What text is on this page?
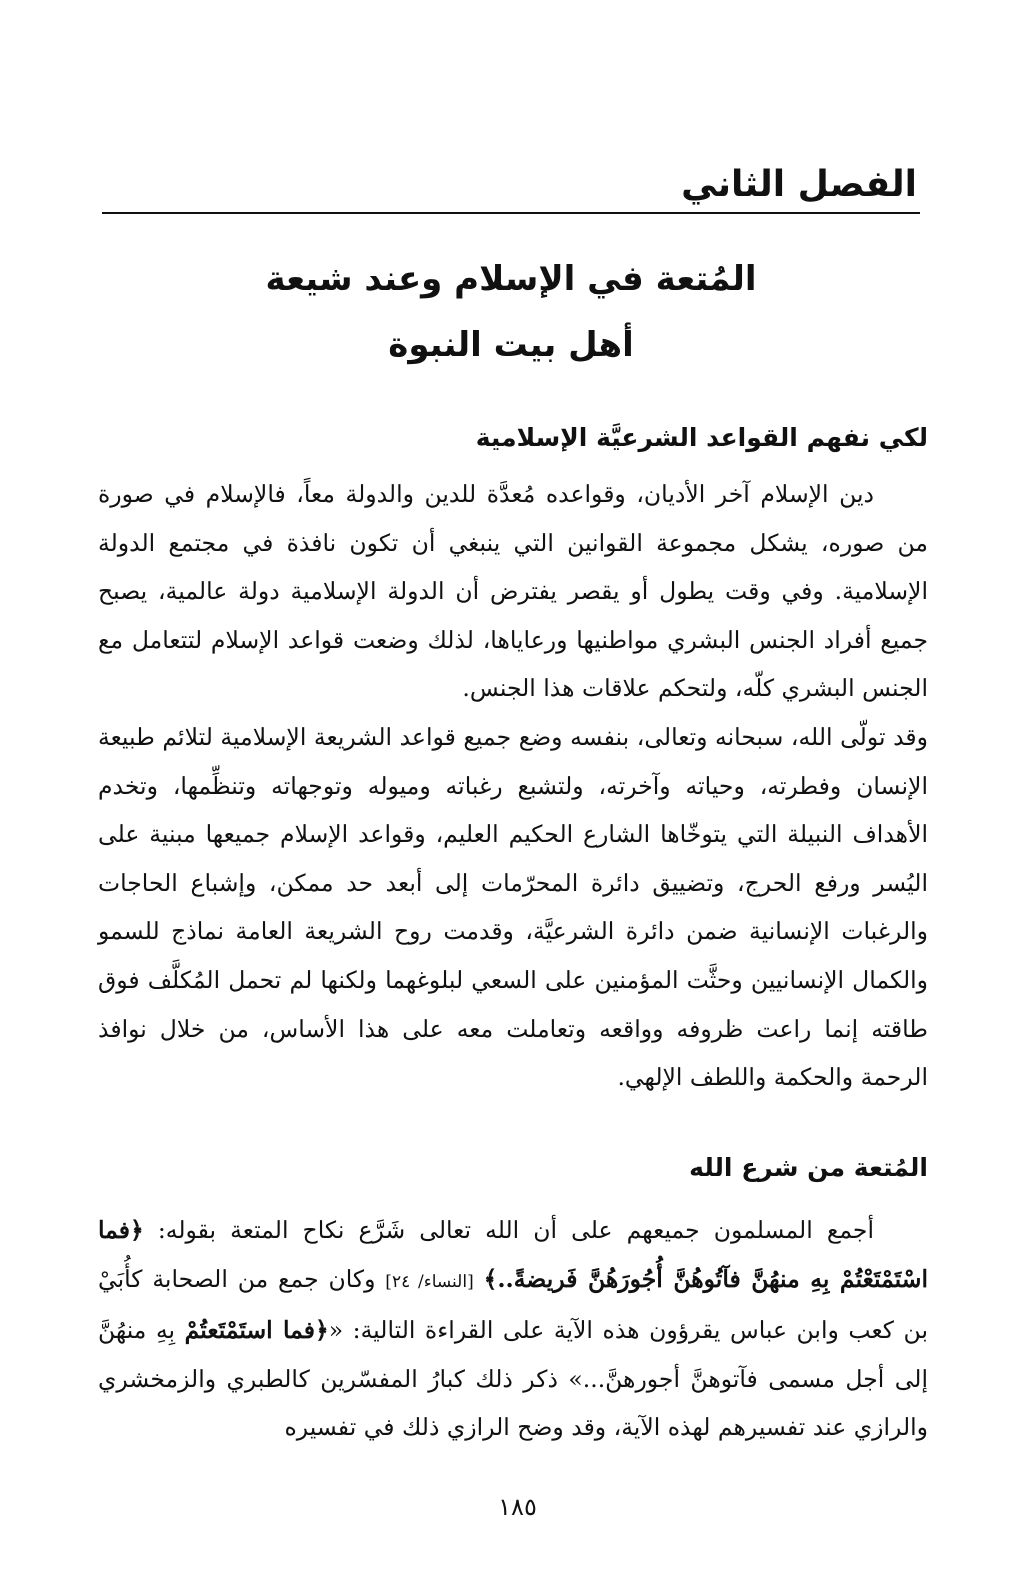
الفصل الثاني
المُتعة في الإسلام وعند شيعة
أهل بيت النبوة
لكي نفهم القواعد الشرعيَّة الإسلامية

دين الإسلام آخر الأديان، وقواعده مُعدَّة للدين والدولة معاً، فالإسلام في صورة من صوره، يشكل مجموعة القوانين التي ينبغي أن تكون نافذة في مجتمع الدولة الإسلامية. وفي وقت يطول أو يقصر يفترض أن الدولة الإسلامية دولة عالمية، يصبح جميع أفراد الجنس البشري مواطنيها ورعاياها، لذلك وضعت قواعد الإسلام لتتعامل مع الجنس البشري كلّه، ولتحكم علاقات هذا الجنس.

وقد تولّى الله، سبحانه وتعالى، بنفسه وضع جميع قواعد الشريعة الإسلامية لتلائم طبيعة الإنسان وفطرته، وحياته وآخرته، ولتشبع رغباته وميوله وتوجهاته وتنظِّمها، وتخدم الأهداف النبيلة التي يتوخّاها الشارع الحكيم العليم، وقواعد الإسلام جميعها مبنية على اليُسر ورفع الحرج، وتضييق دائرة المحرّمات إلى أبعد حد ممكن، وإشباع الحاجات والرغبات الإنسانية ضمن دائرة الشرعيَّة، وقدمت روح الشريعة العامة نماذج للسمو والكمال الإنسانيين وحثَّت المؤمنين على السعي لبلوغهما ولكنها لم تحمل المُكلَّف فوق طاقته إنما راعت ظروفه وواقعه وتعاملت معه على هذا الأساس، من خلال نوافذ الرحمة والحكمة واللطف الإلهي.

المُتعة من شرع الله

أجمع المسلمون جميعهم على أن الله تعالى شَرَّع نكاح المتعة بقوله: ﴿فما اسْتَمْتَعْتُمْ بِهِ منهُنَّ فآتُوهُنَّ أُجُورَهُنَّ فَريضةً..﴾ [النساء/ ٢٤] وكان جمع من الصحابة كأُبَيْ بن كعب وابن عباس يقرؤون هذه الآية على القراءة التالية: «﴿فما استَمْتَعتُمْ بِهِ منهُنَّ إلى أجل مسمى فآتوهنَّ أجورهنَّ...» ذكر ذلك كبارُ المفسّرين كالطبري والزمخشري والرازي عند تفسيرهم لهذه الآية، وقد وضح الرازي ذلك في تفسيره

١٨٥
